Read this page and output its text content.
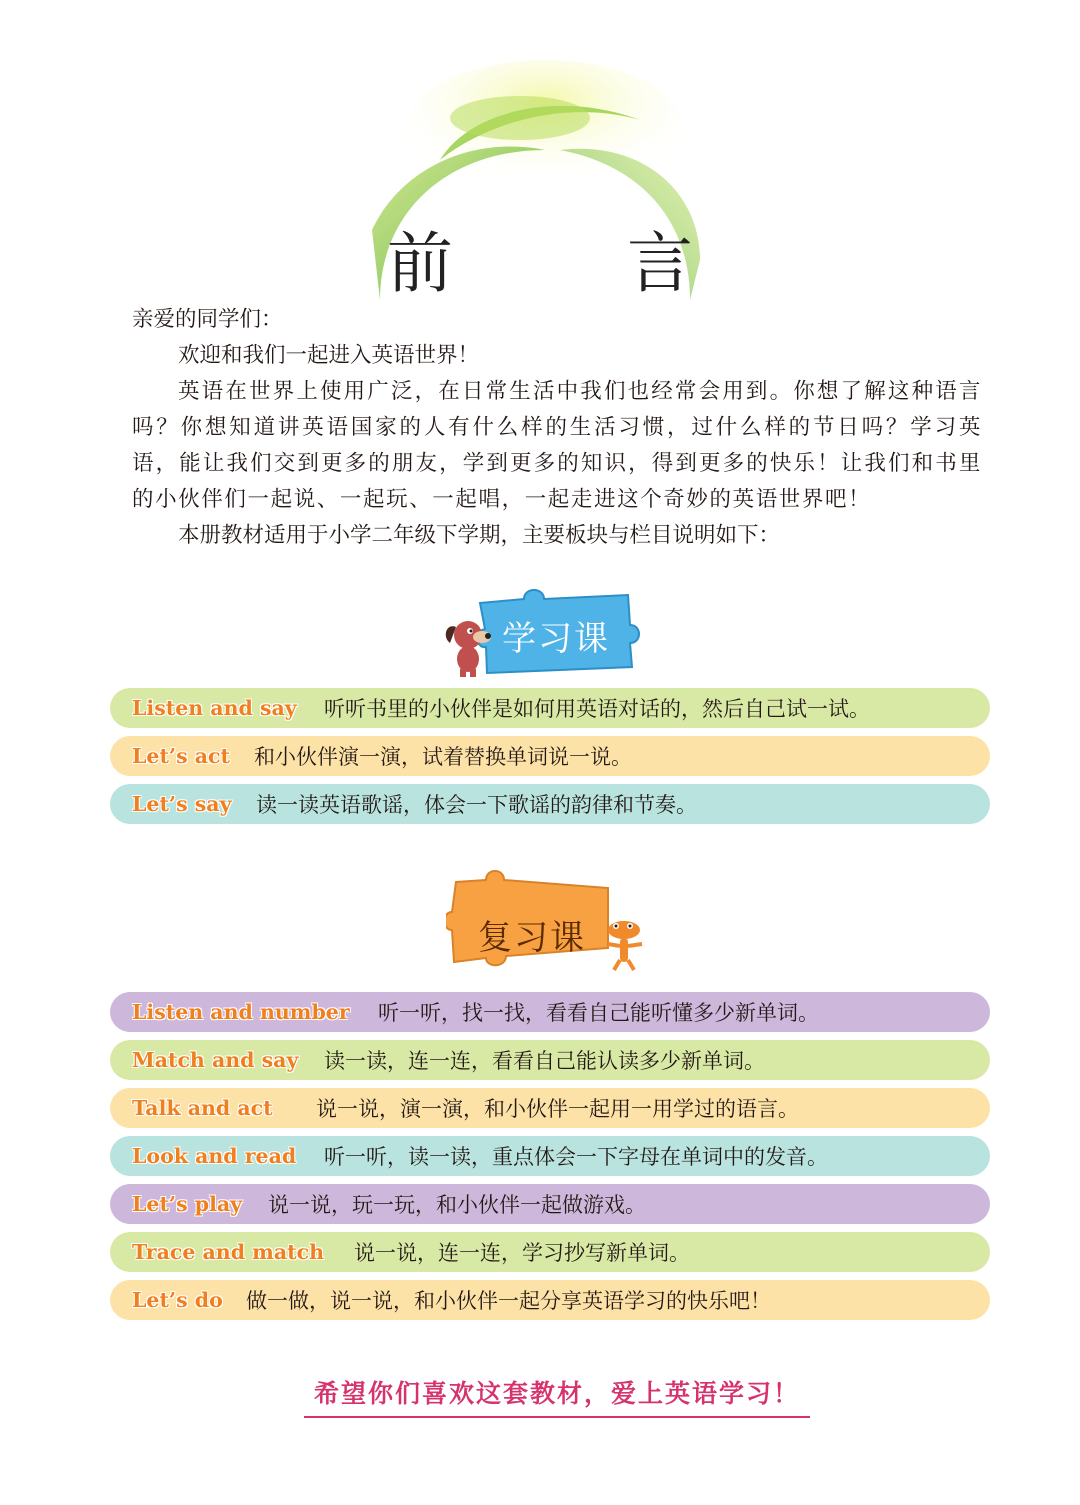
前　言

亲爱的同学们：

欢迎和我们一起进入英语世界！

英语在世界上使用广泛，在日常生活中我们也经常会用到。你想了解这种语言吗？你想知道讲英语国家的人有什么样的生活习惯，过什么样的节日吗？学习英语，能让我们交到更多的朋友，学到更多的知识，得到更多的快乐！让我们和书里的小伙伴们一起说、一起玩、一起唱，一起走进这个奇妙的英语世界吧！

本册教材适用于小学二年级下学期，主要板块与栏目说明如下：

学习课
Listen and say	听听书里的小伙伴是如何用英语对话的，然后自己试一试。
Let’s act	和小伙伴演一演，试着替换单词说一说。
Let’s say	读一读英语歌谣，体会一下歌谣的韵律和节奏。
复习课
Listen and number	听一听，找一找，看看自己能听懂多少新单词。
Match and say	读一读，连一连，看看自己能认读多少新单词。
Talk and act	说一说，演一演，和小伙伴一起用一用学过的语言。
Look and read	听一听，读一读，重点体会一下字母在单词中的发音。
Let’s play	说一说，玩一玩，和小伙伴一起做游戏。
Trace and match	说一说，连一连，学习抄写新单词。
Let’s do	做一做，说一说，和小伙伴一起分享英语学习的快乐吧！
希望你们喜欢这套教材，爱上英语学习！
